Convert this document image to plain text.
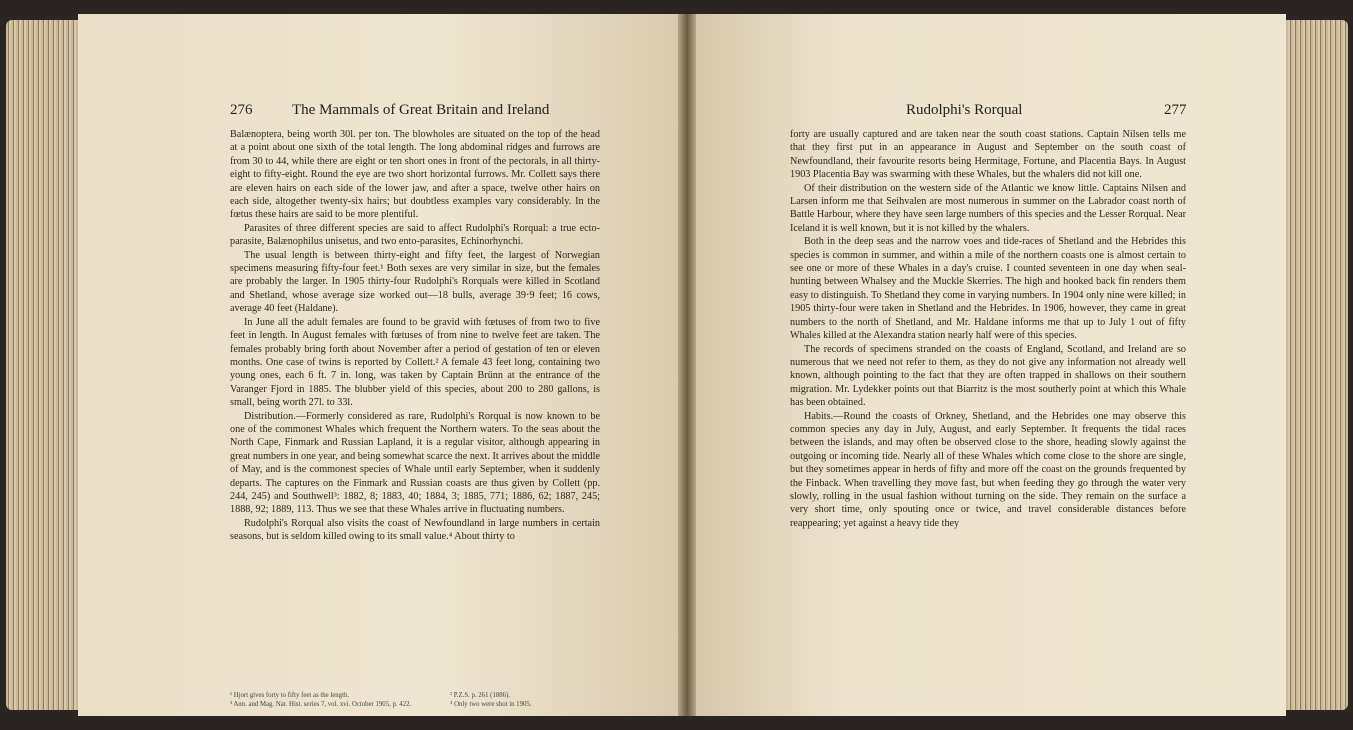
276	The Mammals of Great Britain and Ireland

Balænoptera, being worth 30l. per ton. The blowholes are situated on the top of the head at a point about one sixth of the total length. The long abdominal ridges and furrows are from 30 to 44, while there are eight or ten short ones in front of the pectorals, in all thirty-eight to fifty-eight. Round the eye are two short horizontal furrows. Mr. Collett says there are eleven hairs on each side of the lower jaw, and after a space, twelve other hairs on each side, altogether twenty-six hairs; but doubtless examples vary considerably. In the fœtus these hairs are said to be more plentiful.

Parasites of three different species are said to affect Rudolphi's Rorqual: a true ecto-parasite, Balænophilus unisetus, and two ento-parasites, Echinorhynchi.

The usual length is between thirty-eight and fifty feet, the largest of Norwegian specimens measuring fifty-four feet.¹ Both sexes are very similar in size, but the females are probably the larger. In 1905 thirty-four Rudolphi's Rorquals were killed in Scotland and Shetland, whose average size worked out—18 bulls, average 39·9 feet; 16 cows, average 40 feet (Haldane).

In June all the adult females are found to be gravid with fœtuses of from two to five feet in length. In August females with fœtuses of from nine to twelve feet are taken. The females probably bring forth about November after a period of gestation of ten or eleven months. One case of twins is reported by Collett.² A female 43 feet long, containing two young ones, each 6 ft. 7 in. long, was taken by Captain Brünn at the entrance of the Varanger Fjord in 1885. The blubber yield of this species, about 200 to 280 gallons, is small, being worth 27l. to 33l.

Distribution.—Formerly considered as rare, Rudolphi's Rorqual is now known to be one of the commonest Whales which frequent the Northern waters. To the seas about the North Cape, Finmark and Russian Lapland, it is a regular visitor, although appearing in great numbers in one year, and being somewhat scarce the next. It arrives about the middle of May, and is the commonest species of Whale until early September, when it suddenly departs. The captures on the Finmark and Russian coasts are thus given by Collett (pp. 244, 245) and Southwell³: 1882, 8; 1883, 40; 1884, 3; 1885, 771; 1886, 62; 1887, 245; 1888, 92; 1889, 113. Thus we see that these Whales arrive in fluctuating numbers.

Rudolphi's Rorqual also visits the coast of Newfoundland in large numbers in certain seasons, but is seldom killed owing to its small value.⁴ About thirty to

¹ Hjort gives forty to fifty feet as the length.
³ Ann. and Mag. Nat. Hist. series 7, vol. xvi. October 1905, p. 422.
² P.Z.S. p. 261 (1886).
⁴ Only two were shot in 1905.
Rudolphi's Rorqual	277

forty are usually captured and are taken near the south coast stations. Captain Nilsen tells me that they first put in an appearance in August and September on the south coast of Newfoundland, their favourite resorts being Hermitage, Fortune, and Placentia Bays. In August 1903 Placentia Bay was swarming with these Whales, but the whalers did not kill one.

Of their distribution on the western side of the Atlantic we know little. Captains Nilsen and Larsen inform me that Seihvalen are most numerous in summer on the Labrador coast north of Battle Harbour, where they have seen large numbers of this species and the Lesser Rorqual. Near Iceland it is well known, but it is not killed by the whalers.

Both in the deep seas and the narrow voes and tide-races of Shetland and the Hebrides this species is common in summer, and within a mile of the northern coasts one is almost certain to see one or more of these Whales in a day's cruise. I counted seventeen in one day when seal-hunting between Whalsey and the Muckle Skerries. The high and hooked back fin renders them easy to distinguish. To Shetland they come in varying numbers. In 1904 only nine were killed; in 1905 thirty-four were taken in Shetland and the Hebrides. In 1906, however, they came in great numbers to the north of Shetland, and Mr. Haldane informs me that up to July 1 out of fifty Whales killed at the Alexandra station nearly half were of this species.

The records of specimens stranded on the coasts of England, Scotland, and Ireland are so numerous that we need not refer to them, as they do not give any information not already well known, although pointing to the fact that they are often trapped in shallows on their southern migration. Mr. Lydekker points out that Biarritz is the most southerly point at which this Whale has been obtained.

Habits.—Round the coasts of Orkney, Shetland, and the Hebrides one may observe this common species any day in July, August, and early September. It frequents the tidal races between the islands, and may often be observed close to the shore, heading slowly against the outgoing or incoming tide. Nearly all of these Whales which come close to the shore are single, but they sometimes appear in herds of fifty and more off the coast on the grounds frequented by the Finback. When travelling they move fast, but when feeding they go through the water very slowly, rolling in the usual fashion without turning on the side. They remain on the surface a very short time, only spouting once or twice, and travel considerable distances before reappearing; yet against a heavy tide they
